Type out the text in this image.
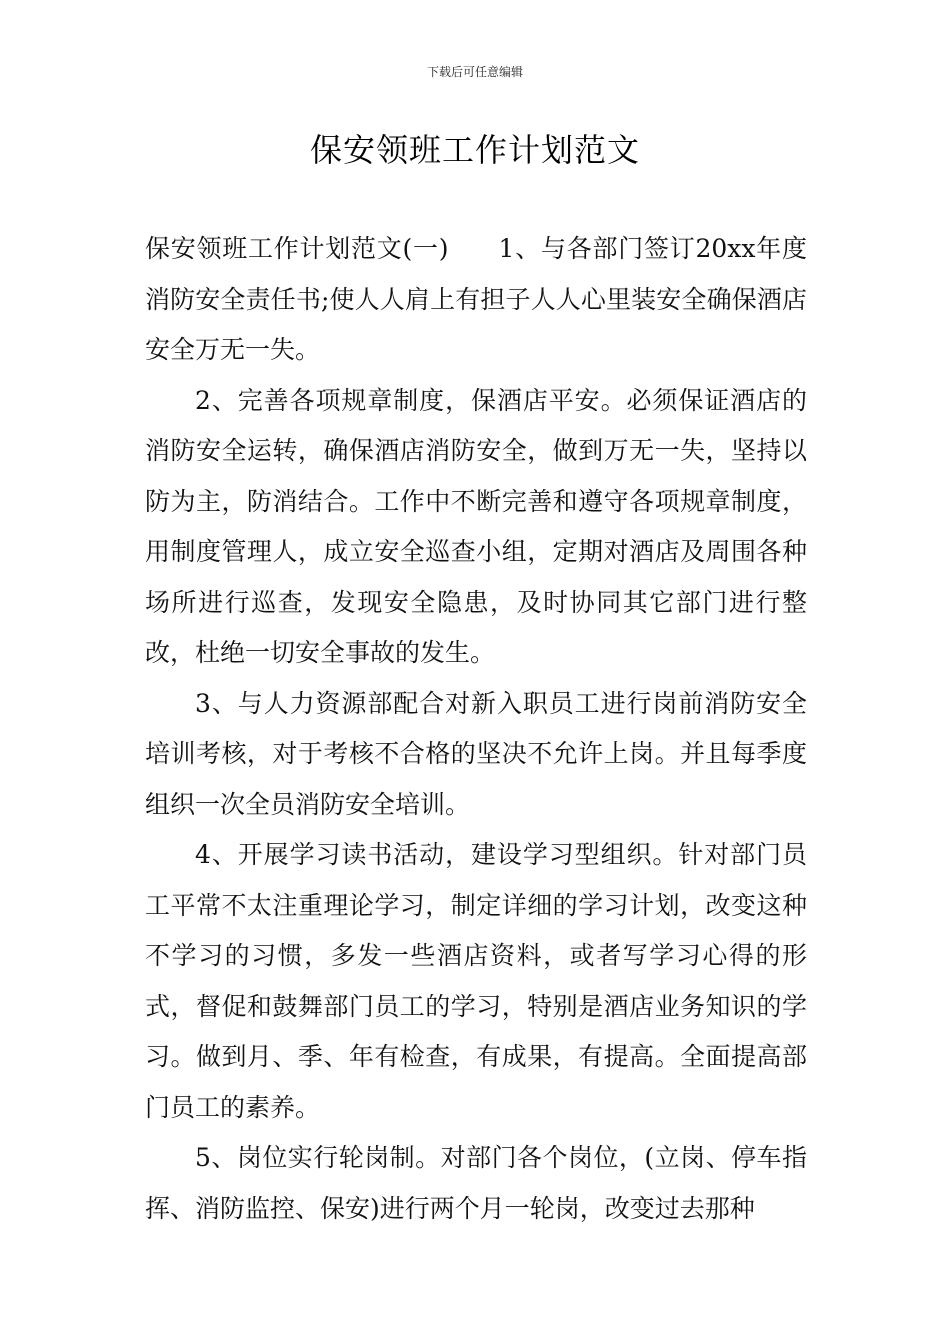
下载后可任意编辑
保安领班工作计划范文

保安领班工作计划范文(一) 1、与各部门签订20xx年度消防安全责任书;使人人肩上有担子人人心里装安全确保酒店安全万无一失。

2、完善各项规章制度，保酒店平安。必须保证酒店的消防安全运转，确保酒店消防安全，做到万无一失，坚持以防为主，防消结合。工作中不断完善和遵守各项规章制度，用制度管理人，成立安全巡查小组，定期对酒店及周围各种场所进行巡查，发现安全隐患，及时协同其它部门进行整改，杜绝一切安全事故的发生。

3、与人力资源部配合对新入职员工进行岗前消防安全培训考核，对于考核不合格的坚决不允许上岗。并且每季度组织一次全员消防安全培训。

4、开展学习读书活动，建设学习型组织。针对部门员工平常不太注重理论学习，制定详细的学习计划，改变这种不学习的习惯，多发一些酒店资料，或者写学习心得的形式，督促和鼓舞部门员工的学习，特别是酒店业务知识的学习。做到月、季、年有检查，有成果，有提高。全面提高部门员工的素养。

5、岗位实行轮岗制。对部门各个岗位，(立岗、停车指挥、消防监控、保安)进行两个月一轮岗，改变过去那种
